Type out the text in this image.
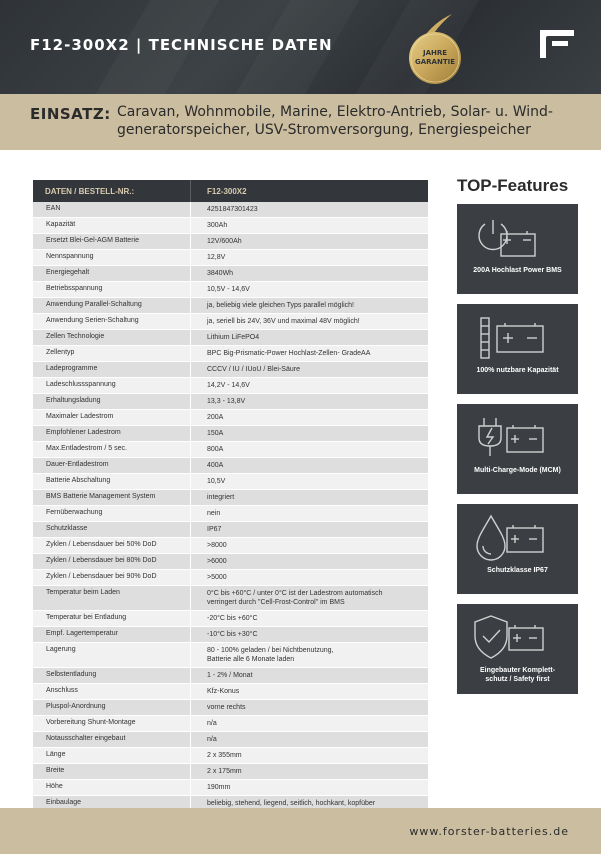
F12-300X2 | TECHNISCHE DATEN	JAHRE
GARANTIE
EINSATZ: Caravan, Wohnmobile, Marine, Elektro-Antrieb, Solar- u. Wind-
generatorspeicher, USV-Stromversorgung, Energiespeicher
DATEN / BESTELL-NR.:	F12-300X2
EAN	4251847301423
Kapazität	300Ah
Ersetzt Blei-Gel-AGM Batterie	12V/600Ah
Nennspannung	12,8V
Energiegehalt	3840Wh
Betriebsspannung	10,5V - 14,6V
Anwendung Parallel-Schaltung	ja, beliebig viele gleichen Typs parallel möglich!
Anwendung Serien-Schaltung	ja, seriell bis 24V, 36V und maximal 48V möglich!
Zellen Technologie	Lithium LiFePO4
Zellentyp	BPC Big-Prismatic-Power Hochlast-Zellen- GradeAA
Ladeprogramme	CCCV / IU / IUoU / Blei-Säure
Ladeschlussspannung	14,2V - 14,6V
Erhaltungsladung	13,3 - 13,8V
Maximaler Ladestrom	200A
Empfohlener Ladestrom	150A
Max.Entladestrom / 5 sec.	800A
Dauer-Entladestrom	400A
Batterie Abschaltung	10,5V
BMS Batterie Management System	integriert
Fernüberwachung	nein
Schutzklasse	IP67
Zyklen / Lebensdauer bei 50% DoD	>8000
Zyklen / Lebensdauer bei 80% DoD	>6000
Zyklen / Lebensdauer bei 90% DoD	>5000
Temperatur beim Laden	0°C bis +60°C / unter 0°C ist der Ladestrom automatisch
verringert durch "Cell-Frost-Control" im BMS
Temperatur bei Entladung	-20°C bis +60°C
Empf. Lagertemperatur	-10°C bis +30°C
Lagerung	80 - 100% geladen / bei Nichtbenutzung,
Batterie alle 6 Monate laden
Selbstentladung	1 - 2% / Monat
Anschluss	Kfz-Konus
Pluspol-Anordnung	vorne rechts
Vorbereitung Shunt-Montage	n/a
Notausschalter eingebaut	n/a
Länge	2 x 355mm
Breite	2 x 175mm
Höhe	190mm
Einbaulage	beliebig, stehend, liegend, seitlich, hochkant, kopfüber
TOP-Features
200A Hochlast Power BMS
100% nutzbare Kapazität
Multi-Charge-Mode (MCM)
Schutzklasse IP67
Eingebauter Komplett-
schutz / Safety first
www.forster-batteries.de
